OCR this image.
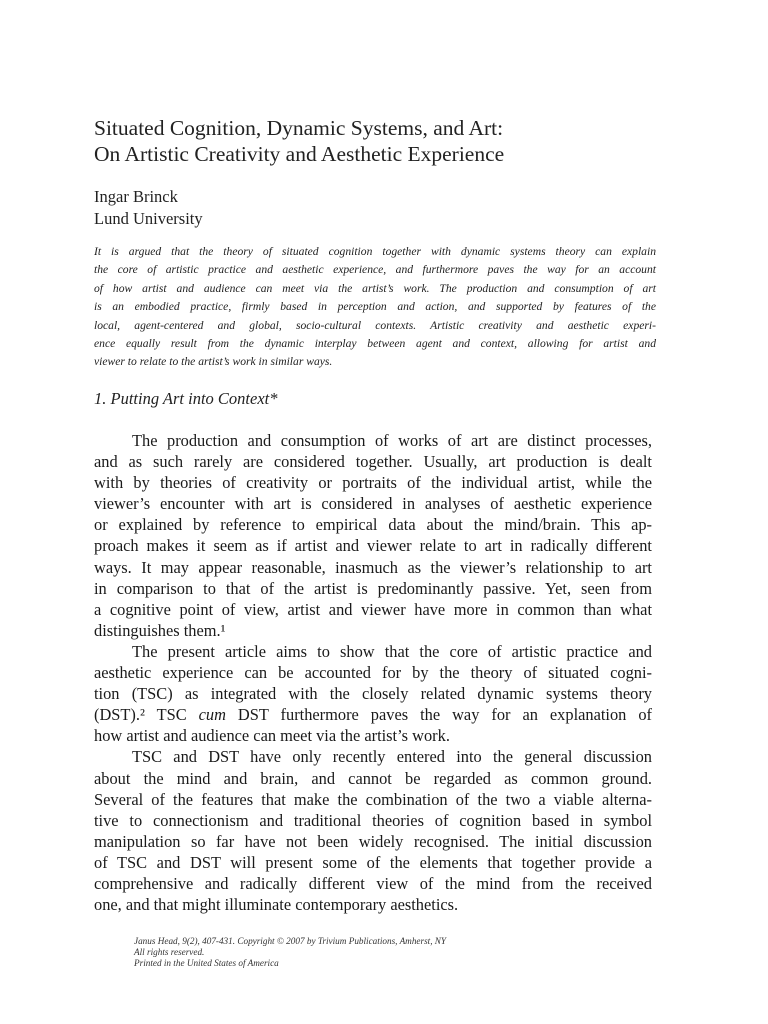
Situated Cognition, Dynamic Systems, and Art:
On Artistic Creativity and Aesthetic Experience
Ingar Brinck
Lund University
It is argued that the theory of situated cognition together with dynamic systems theory can explain
the core of artistic practice and aesthetic experience, and furthermore paves the way for an account
of how artist and audience can meet via the artist’s work. The production and consumption of art
is an embodied practice, firmly based in perception and action, and supported by features of the
local, agent-centered and global, socio-cultural contexts. Artistic creativity and aesthetic experi-
ence equally result from the dynamic interplay between agent and context, allowing for artist and
viewer to relate to the artist’s work in similar ways.
1. Putting Art into Context*
The production and consumption of works of art are distinct processes,
and as such rarely are considered together. Usually, art production is dealt
with by theories of creativity or portraits of the individual artist, while the
viewer’s encounter with art is considered in analyses of aesthetic experience
or explained by reference to empirical data about the mind/brain. This ap-
proach makes it seem as if artist and viewer relate to art in radically different
ways. It may appear reasonable, inasmuch as the viewer’s relationship to art
in comparison to that of the artist is predominantly passive. Yet, seen from
a cognitive point of view, artist and viewer have more in common than what
distinguishes them.¹
The present article aims to show that the core of artistic practice and
aesthetic experience can be accounted for by the theory of situated cogni-
tion (TSC) as integrated with the closely related dynamic systems theory
(DST).² TSC cum DST furthermore paves the way for an explanation of
how artist and audience can meet via the artist’s work.
TSC and DST have only recently entered into the general discussion
about the mind and brain, and cannot be regarded as common ground.
Several of the features that make the combination of the two a viable alterna-
tive to connectionism and traditional theories of cognition based in symbol
manipulation so far have not been widely recognised. The initial discussion
of TSC and DST will present some of the elements that together provide a
comprehensive and radically different view of the mind from the received
one, and that might illuminate contemporary aesthetics.
Janus Head, 9(2), 407-431. Copyright © 2007 by Trivium Publications, Amherst, NY
All rights reserved.
Printed in the United States of America
